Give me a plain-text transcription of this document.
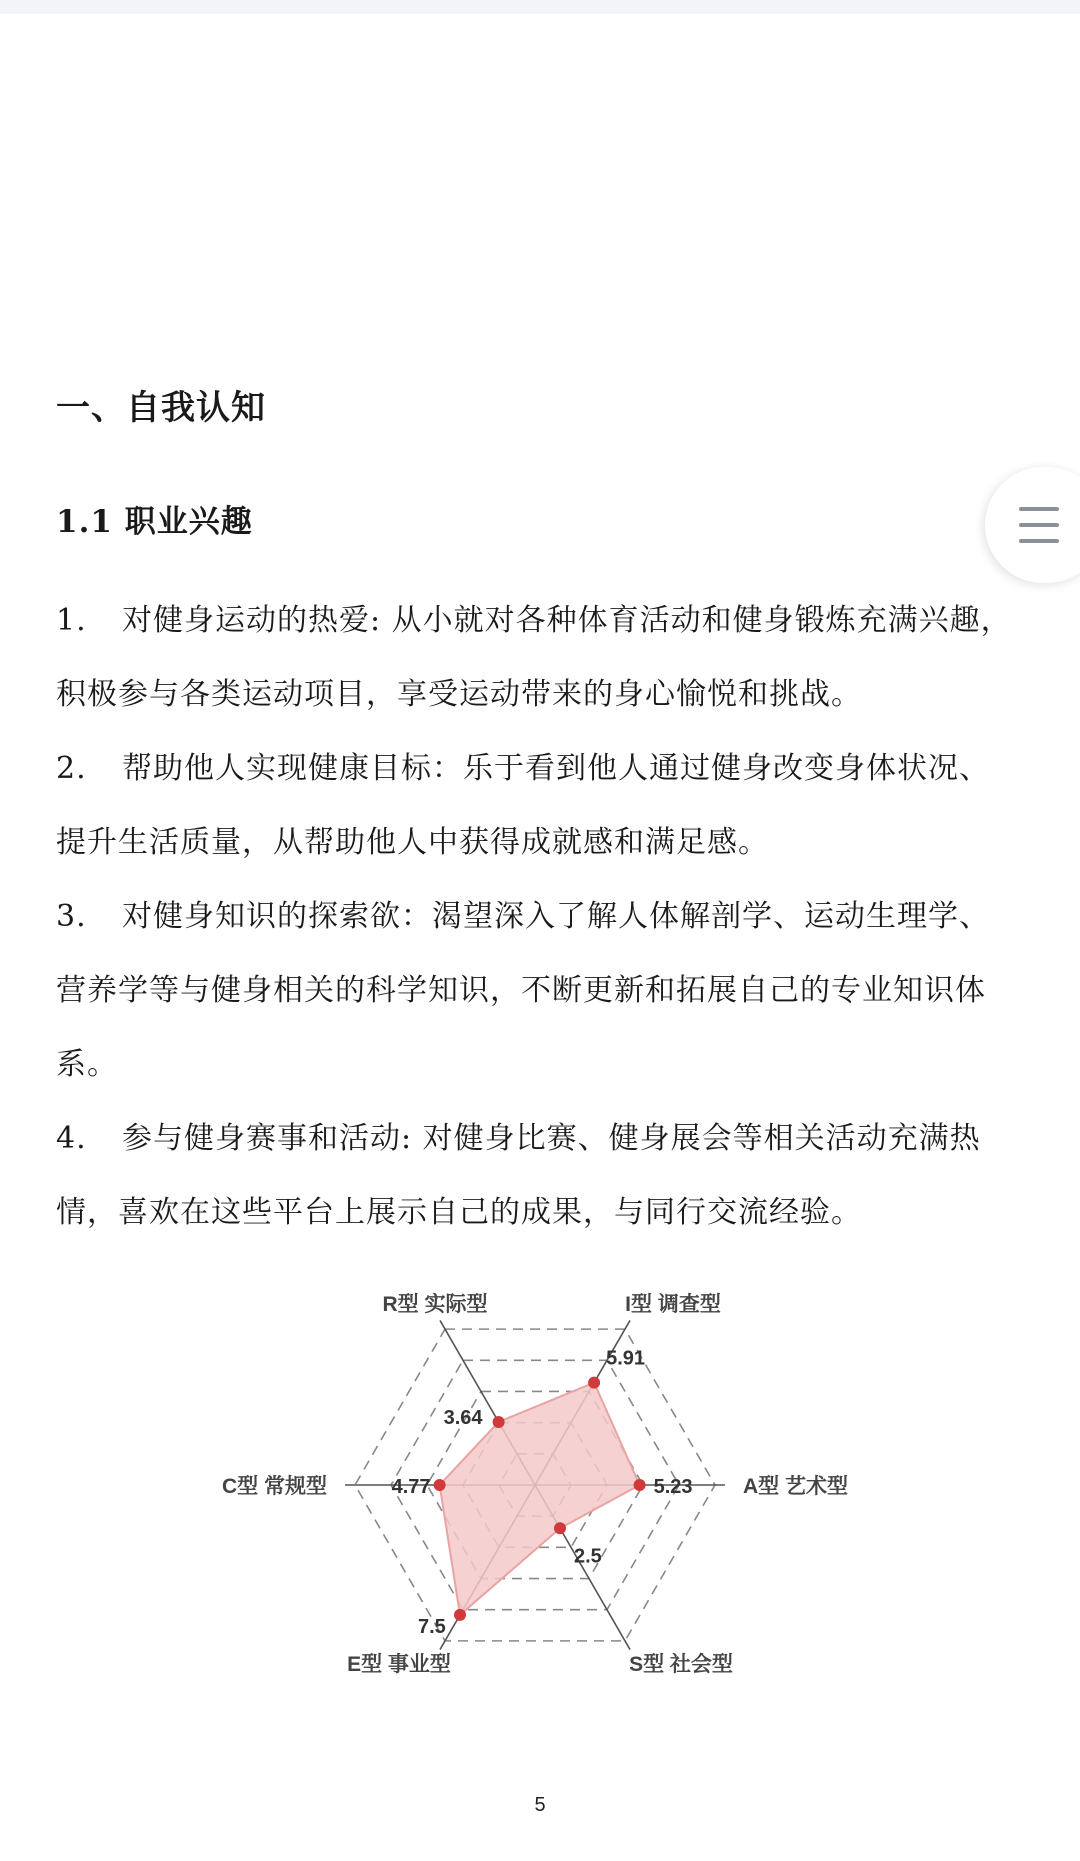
一、自我认知
1.1 职业兴趣
1. 对健身运动的热爱: 从小就对各种体育活动和健身锻炼充满兴趣，
积极参与各类运动项目，享受运动带来的身心愉悦和挑战。
2. 帮助他人实现健康目标：乐于看到他人通过健身改变身体状况、
提升生活质量，从帮助他人中获得成就感和满足感。
3. 对健身知识的探索欲：渴望深入了解人体解剖学、运动生理学、
营养学等与健身相关的科学知识，不断更新和拓展自己的专业知识体
系。
4. 参与健身赛事和活动: 对健身比赛、健身展会等相关活动充满热
情，喜欢在这些平台上展示自己的成果，与同行交流经验。
3.64
5.91
5.23
2.5
7.5
4.77
R型 实际型	I型 调查型
A型 艺术型
S型 社会型
E型 事业型
C型 常规型
5
